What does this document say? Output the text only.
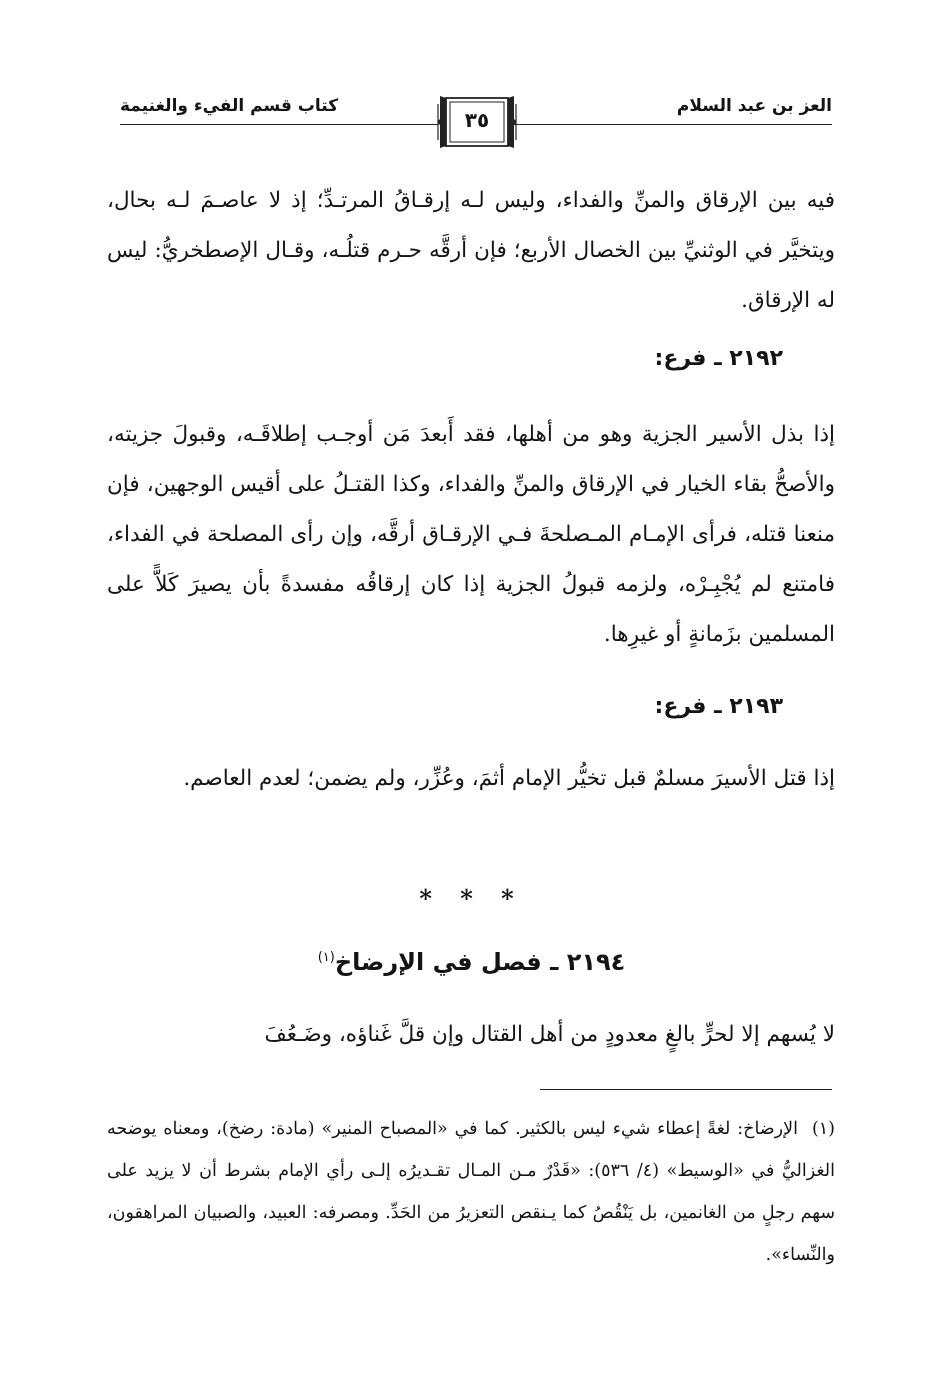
العز بن عبد السلام
كتاب قسم الفيء والغنيمة
٣٥

فيه بين الإرقاق والمنِّ والفداء، وليس لـه إرقـاقُ المرتـدِّ؛ إذ لا عاصـمَ لـه بحال، ويتخيَّر في الوثنيِّ بين الخصال الأربع؛ فإن أرقَّه حـرم قتلُـه، وقـال الإصطخريُّ: ليس له الإرقاق.

٢١٩٢ ـ فرع:

إذا بذل الأسير الجزية وهو من أهلها، فقد أَبعدَ مَن أوجـب إطلاقَـه، وقبولَ جزيته، والأصحُّ بقاء الخيار في الإرقاق والمنِّ والفداء، وكذا القتـلُ على أقيس الوجهين، فإن منعنا قتله، فرأى الإمـام المـصلحةَ فـي الإرقـاق أرقَّه، وإن رأى المصلحة في الفداء، فامتنع لم يُجْبِـرْه، ولزمه قبولُ الجزية إذا كان إرقاقُه مفسدةً بأن يصيرَ كَلاًّ على المسلمين بزَمانةٍ أو غيرِها.

٢١٩٣ ـ فرع:

إذا قتل الأسيرَ مسلمٌ قبل تخيُّر الإمام أثمَ، وعُزِّر، ولم يضمن؛ لعدم العاصم.

* * *

٢١٩٤ ـ فصل في الإرضاخ$^{(١)}$

لا يُسهم إلا لحرٍّ بالغٍ معدودٍ من أهل القتال وإن قلَّ غَناؤه، وضَـعُفَ

(١)الإرضاخ: لغةً إعطاء شيء ليس بالكثير. كما في «المصباح المنير» (مادة: رضخ)، ومعناه يوضحه الغزاليُّ في «الوسيط» (٤/ ٥٣٦): «قَدْرٌ مـن المـال تقـديرُه إلـى رأي الإمام بشرط أن لا يزيد على سهم رجلٍ من الغانمين، بل يَنْقُصُ كما يـنقص التعزيرُ من الحَدِّ. ومصرفه: العبيد، والصبيان المراهقون، والنِّساء».
